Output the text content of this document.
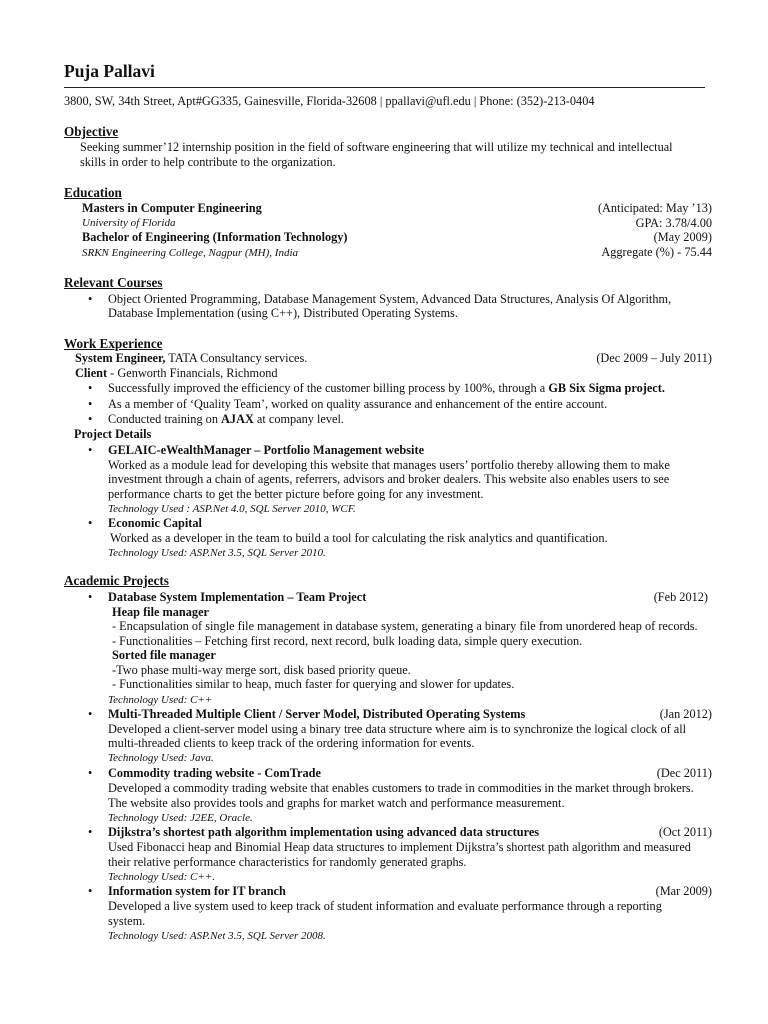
Puja Pallavi
3800, SW, 34th Street, Apt#GG335, Gainesville, Florida-32608 | ppallavi@ufl.edu | Phone: (352)-213-0404
Objective
Seeking summer’12 internship position in the field of software engineering that will utilize my technical and intellectual
skills in order to help contribute to the organization.
Education
Masters in Computer Engineering	(Anticipated: May ’13)
University of Florida	GPA: 3.78/4.00
Bachelor of Engineering (Information Technology)	(May 2009)
SRKN Engineering College, Nagpur (MH), India	Aggregate (%) - 75.44
Relevant Courses
• Object Oriented Programming, Database Management System, Advanced Data Structures, Analysis Of Algorithm,
Database Implementation (using C++), Distributed Operating Systems.
Work Experience
System Engineer, TATA Consultancy services.	(Dec 2009 – July 2011)
Client - Genworth Financials, Richmond
• Successfully improved the efficiency of the customer billing process by 100%, through a GB Six Sigma project.
• As a member of ‘Quality Team’, worked on quality assurance and enhancement of the entire account.
• Conducted training on AJAX at company level.
Project Details
• GELAIC-eWealthManager – Portfolio Management website
Worked as a module lead for developing this website that manages users’ portfolio thereby allowing them to make
investment through a chain of agents, referrers, advisors and broker dealers. This website also enables users to see
performance charts to get the better picture before going for any investment.
Technology Used : ASP.Net 4.0, SQL Server 2010, WCF.
• Economic Capital
Worked as a developer in the team to build a tool for calculating the risk analytics and quantification.
Technology Used: ASP.Net 3.5, SQL Server 2010.
Academic Projects
• Database System Implementation – Team Project	(Feb 2012)
Heap file manager
- Encapsulation of single file management in database system, generating a binary file from unordered heap of records.
- Functionalities – Fetching first record, next record, bulk loading data, simple query execution.
Sorted file manager
-Two phase multi-way merge sort, disk based priority queue.
- Functionalities similar to heap, much faster for querying and slower for updates.
Technology Used: C++
• Multi-Threaded Multiple Client / Server Model, Distributed Operating Systems	(Jan 2012)
Developed a client-server model using a binary tree data structure where aim is to synchronize the logical clock of all
multi-threaded clients to keep track of the ordering information for events.
Technology Used: Java.
• Commodity trading website - ComTrade	(Dec 2011)
Developed a commodity trading website that enables customers to trade in commodities in the market through brokers.
The website also provides tools and graphs for market watch and performance measurement.
Technology Used: J2EE, Oracle.
• Dijkstra’s shortest path algorithm implementation using advanced data structures	(Oct 2011)
Used Fibonacci heap and Binomial Heap data structures to implement Dijkstra’s shortest path algorithm and measured
their relative performance characteristics for randomly generated graphs.
Technology Used: C++.
• Information system for IT branch	(Mar 2009)
Developed a live system used to keep track of student information and evaluate performance through a reporting
system.
Technology Used: ASP.Net 3.5, SQL Server 2008.
